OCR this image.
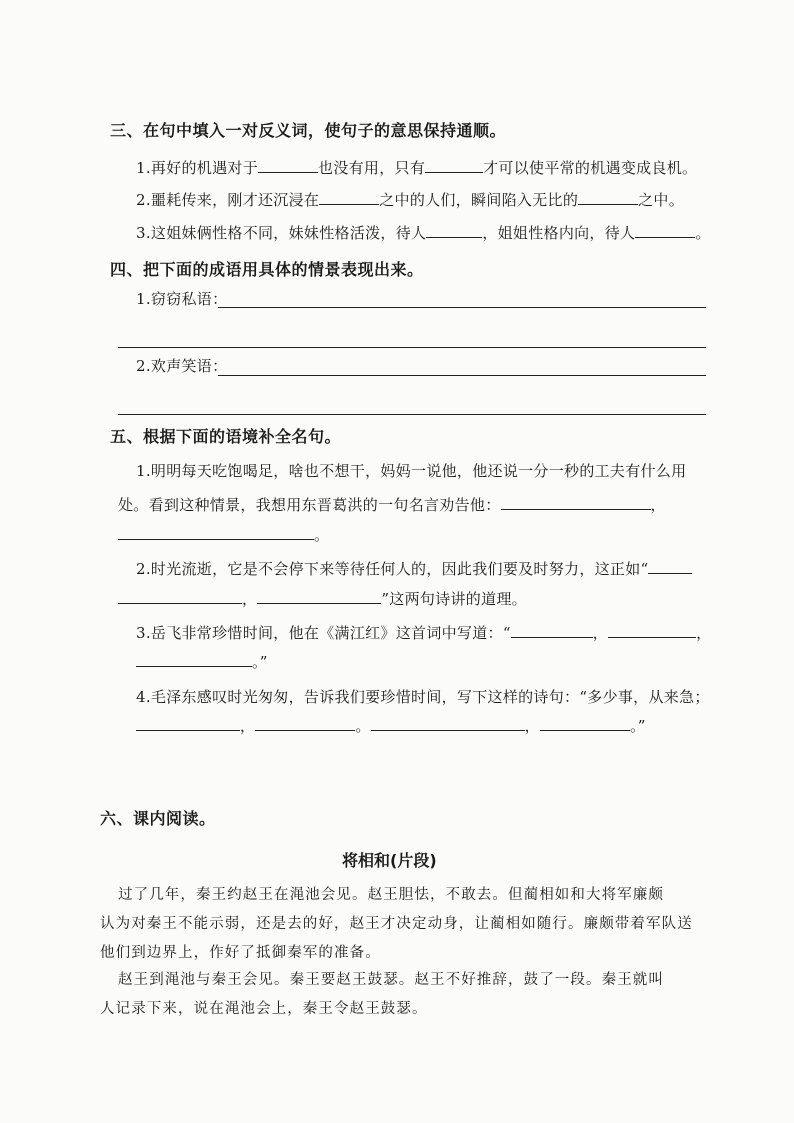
三、在句中填入一对反义词，使句子的意思保持通顺。
1.再好的机遇对于	也没有用，只有	才可以使平常的机遇变成良机。
2.噩耗传来，刚才还沉浸在	之中的人们，瞬间陷入无比的	之中。
3.这姐妹俩性格不同，妹妹性格活泼，待人	，姐姐性格内向，待人	。
四、把下面的成语用具体的情景表现出来。
1.窃窃私语：
2.欢声笑语：
五、根据下面的语境补全名句。
1.明明每天吃饱喝足，啥也不想干，妈妈一说他，他还说一分一秒的工夫有什么用
处。看到这种情景，我想用东晋葛洪的一句名言劝告他：	，
。
2.时光流逝，它是不会停下来等待任何人的，因此我们要及时努力，这正如“
，	”这两句诗讲的道理。
3.岳飞非常珍惜时间，他在《满江红》这首词中写道：“	，	，
。”
4.毛泽东感叹时光匆匆，告诉我们要珍惜时间，写下这样的诗句：“多少事，从来急；
，	。	，	。”
六、课内阅读。
将相和(片段)
过了几年，秦王约赵王在渑池会见。赵王胆怯，不敢去。但蔺相如和大将军廉颇
认为对秦王不能示弱，还是去的好，赵王才决定动身，让蔺相如随行。廉颇带着军队送
他们到边界上，作好了抵御秦军的准备。
赵王到渑池与秦王会见。秦王要赵王鼓瑟。赵王不好推辞，鼓了一段。秦王就叫
人记录下来，说在渑池会上，秦王令赵王鼓瑟。
